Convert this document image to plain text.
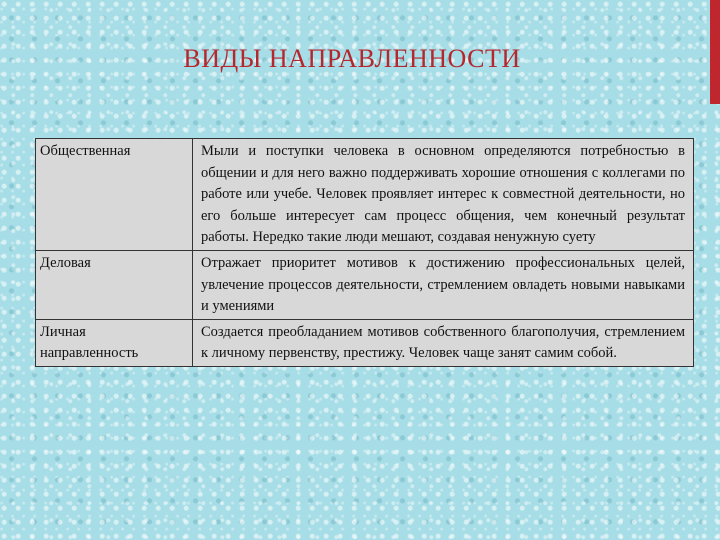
ВИДЫ НАПРАВЛЕННОСТИ
Общественная	Мыли и поступки человека в основном определяются потребностью в общении и для него важно поддерживать хорошие отношения с коллегами по работе или учебе. Человек проявляет интерес к совместной деятельности, но его больше интересует сам процесс общения, чем конечный результат работы. Нередко такие люди мешают, создавая ненужную суету
Деловая	Отражает приоритет мотивов к достижению профессиональных целей, увлечение процессов деятельности, стремлением овладеть новыми навыками и умениями
Личная направленность	Создается преобладанием мотивов собственного благополучия, стремлением к личному первенству, престижу. Человек чаще занят самим собой.
